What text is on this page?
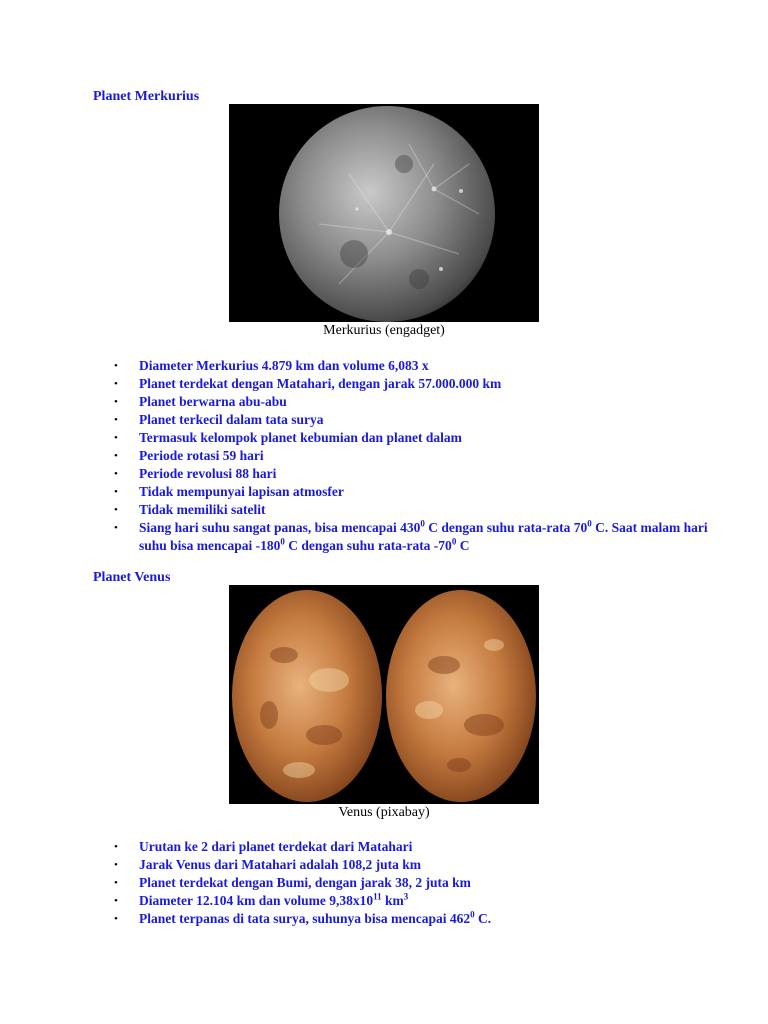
Planet Merkurius

Merkurius (engadget)

• Diameter Merkurius 4.879 km dan volume 6,083 x
• Planet terdekat dengan Matahari, dengan jarak 57.000.000 km
• Planet berwarna abu-abu
• Planet terkecil dalam tata surya
• Termasuk kelompok planet kebumian dan planet dalam
• Periode rotasi 59 hari
• Periode revolusi 88 hari
• Tidak mempunyai lapisan atmosfer
• Tidak memiliki satelit
• Siang hari suhu sangat panas, bisa mencapai $430^0$ C dengan suhu rata-rata $70^0$ C. Saat malam hari suhu bisa mencapai $-180^0$ C dengan suhu rata-rata $-70^0$ C
Planet Venus

Venus (pixabay)

• Urutan ke 2 dari planet terdekat dari Matahari
• Jarak Venus dari Matahari adalah 108,2 juta km
• Planet terdekat dengan Bumi, dengan jarak 38, 2 juta km
• Diameter 12.104 km dan volume $9,38x10^{11}$ $km^3$
• Planet terpanas di tata surya, suhunya bisa mencapai $462^0$ C.
